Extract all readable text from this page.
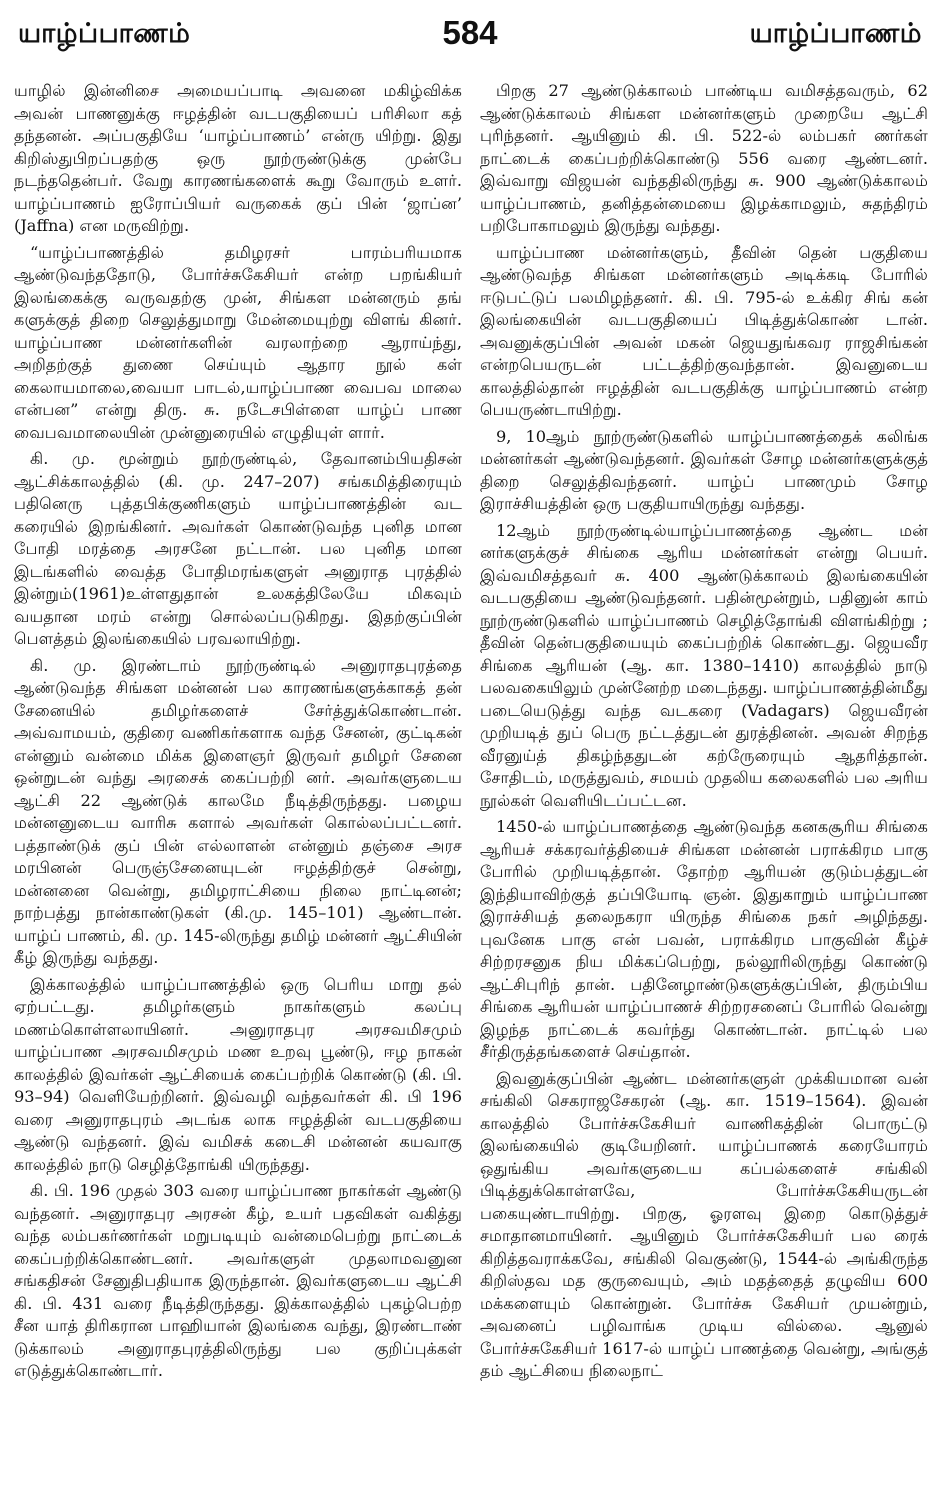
யாழ்ப்பாணம்	584	யாழ்ப்பாணம்

யாழில் இன்னிசை அமையப்பாடி அவனை மகிழ்விக்க அவன் பாணனுக்கு ஈழத்தின் வடபகுதியைப் பரிசிலா கத் தந்தனன். அப்பகுதியே ‘யாழ்ப்பாணம்’ என்ரு யிற்று. இது கிறிஸ்துபிறப்பதற்கு ஒரு நூற்ருண்டுக்கு முன்பே நடந்ததென்பர். வேறு காரணங்களைக் கூறு வோரும் உளர். யாழ்ப்பாணம் ஐரோப்பியர் வருகைக் குப் பின் ‘ஜாப்ன’ (Jaffna) என மருவிற்று.

“யாழ்ப்பாணத்தில் தமிழரசர் பாரம்பரியமாக ஆண்டுவந்ததோடு, போர்ச்சுகேசியர் என்ற பறங்கியர் இலங்கைக்கு வருவதற்கு முன், சிங்கள மன்னரும் தங் களுக்குத் திறை செலுத்துமாறு மேன்மையுற்று விளங் கினர். யாழ்ப்பாண மன்னர்களின் வரலாற்றை ஆராய்ந்து, அறிதற்குத் துணை செய்யும் ஆதார நூல் கள் கைலாயமாலை,வையா பாடல்,யாழ்ப்பாண வைபவ மாலை என்பன” என்று திரு. சு. நடேசபிள்ளை யாழ்ப் பாண வைபவமாலையின் முன்னுரையில் எழுதியுள் ளார்.

கி. மு. மூன்றும் நூற்ருண்டில், தேவானம்பியதிசன் ஆட்சிக்காலத்தில் (கி. மு. 247–207) சங்கமித்திரையும் பதினெரு புத்தபிக்குணிகளும் யாழ்ப்பாணத்தின் வட கரையில் இறங்கினர். அவர்கள் கொண்டுவந்த புனித மான போதி மரத்தை அரசனே நட்டான். பல புனித மான இடங்களில் வைத்த போதிமரங்களுள் அனுராத புரத்தில் இன்றும்(1961)உள்ளதுதான் உலகத்திலேயே மிகவும் வயதான மரம் என்று சொல்லப்படுகிறது. இதற்குப்பின் பௌத்தம் இலங்கையில் பரவலாயிற்று.

கி. மு. இரண்டாம் நூற்ருண்டில் அனுராதபுரத்தை ஆண்டுவந்த சிங்கள மன்னன் பல காரணங்களுக்காகத் தன் சேனையில் தமிழர்களைச் சேர்த்துக்கொண்டான். அவ்வாமயம், குதிரை வணிகர்களாக வந்த சேனன், குட்டிகன் என்னும் வன்மை மிக்க இளைஞர் இருவர் தமிழர் சேனை ஒன்றுடன் வந்து அரசைக் கைப்பற்றி னர். அவர்களுடைய ஆட்சி 22 ஆண்டுக் காலமே நீடித்திருந்தது. பழைய மன்னனுடைய வாரிசு களால் அவர்கள் கொல்லப்பட்டனர். பத்தாண்டுக் குப் பின் எல்லாளன் என்னும் தஞ்சை அரச மரபினன் பெருஞ்சேனையுடன் ஈழத்திற்குச் சென்று, மன்னனை வென்று, தமிழராட்சியை நிலை நாட்டினன்; நாற்பத்து நான்காண்டுகள் (கி.மு. 145–101) ஆண்டான். யாழ்ப் பாணம், கி. மு. 145-லிருந்து தமிழ் மன்னர் ஆட்சியின் கீழ் இருந்து வந்தது.

இக்காலத்தில் யாழ்ப்பாணத்தில் ஒரு பெரிய மாறு தல் ஏற்பட்டது. தமிழர்களும் நாகர்களும் கலப்பு மணம்கொள்ளலாயினர். அனுராதபுர அரசவமிசமும் யாழ்ப்பாண அரசவமிசமும் மண உறவு பூண்டு, ஈழ நாகன் காலத்தில் இவர்கள் ஆட்சியைக் கைப்பற்றிக் கொண்டு (கி. பி. 93–94) வெளியேற்றினர். இவ்வழி வந்தவர்கள் கி. பி 196 வரை அனுராதபுரம் அடங்க லாக ஈழத்தின் வடபகுதியை ஆண்டு வந்தனர். இவ் வமிசக் கடைசி மன்னன் கயவாகு காலத்தில் நாடு செழித்தோங்கி யிருந்தது.

கி. பி. 196 முதல் 303 வரை யாழ்ப்பாண நாகர்கள் ஆண்டு வந்தனர். அனுராதபுர அரசன் கீழ், உயர் பதவிகள் வகித்து வந்த லம்பகர்ணர்கள் மறுபடியும் வன்மைபெற்று நாட்டைக் கைப்பற்றிக்கொண்டனர். அவர்களுள் முதலாமவனுன சங்கதிசன் சேனுதிபதியாக இருந்தான். இவர்களுடைய ஆட்சி கி. பி. 431 வரை நீடித்திருந்தது. இக்காலத்தில் புகழ்பெற்ற சீன யாத் திரிகரான பாஹியான் இலங்கை வந்து, இரண்டாண் டுக்காலம் அனுராதபுரத்திலிருந்து பல குறிப்புக்கள் எடுத்துக்கொண்டார்.

பிறகு 27 ஆண்டுக்காலம் பாண்டிய வமிசத்தவரும், 62 ஆண்டுக்காலம் சிங்கள மன்னர்களும் முறையே ஆட்சி புரிந்தனர். ஆயினும் கி. பி. 522-ல் லம்பகர் ணர்கள் நாட்டைக் கைப்பற்றிக்கொண்டு 556 வரை ஆண்டனர். இவ்வாறு விஜயன் வந்ததிலிருந்து சு. 900 ஆண்டுக்காலம் யாழ்ப்பாணம், தனித்தன்மையை இழக்காமலும், சுதந்திரம் பறிபோகாமலும் இருந்து வந்தது.

யாழ்ப்பாண மன்னர்களும், தீவின் தென் பகுதியை ஆண்டுவந்த சிங்கள மன்னர்களும் அடிக்கடி போரில் ஈடுபட்டுப் பலமிழந்தனர். கி. பி. 795-ல் உக்கிர சிங் கன் இலங்கையின் வடபகுதியைப் பிடித்துக்கொண் டான். அவனுக்குப்பின் அவன் மகன் ஜெயதுங்கவர ராஜசிங்கன் என்றபெயருடன் பட்டத்திற்குவந்தான். இவனுடைய காலத்தில்தான் ஈழத்தின் வடபகுதிக்கு யாழ்ப்பாணம் என்ற பெயருண்டாயிற்று.

9, 10ஆம் நூற்ருண்டுகளில் யாழ்ப்பாணத்தைக் கலிங்க மன்னர்கள் ஆண்டுவந்தனர். இவர்கள் சோழ மன்னர்களுக்குத் திறை செலுத்திவந்தனர். யாழ்ப் பாணமும் சோழ இராச்சியத்தின் ஒரு பகுதியாயிருந்து வந்தது.

12ஆம் நூற்ருண்டில்யாழ்ப்பாணத்தை ஆண்ட மன் னர்களுக்குச் சிங்கை ஆரிய மன்னர்கள் என்று பெயர். இவ்வமிசத்தவர் சு. 400 ஆண்டுக்காலம் இலங்கையின் வடபகுதியை ஆண்டுவந்தனர். பதின்மூன்றும், பதினுன் காம் நூற்ருண்டுகளில் யாழ்ப்பாணம் செழித்தோங்கி விளங்கிற்று ; தீவின் தென்பகுதியையும் கைப்பற்றிக் கொண்டது. ஜெயவீர சிங்கை ஆரியன் (ஆ. கா. 1380–1410) காலத்தில் நாடு பலவகையிலும் முன்னேற்ற மடைந்தது. யாழ்ப்பாணத்தின்மீது படையெடுத்து வந்த வடகரை (Vadagars) ஜெயவீரன் முறியடித் துப் பெரு நட்டத்துடன் துரத்தினன். அவன் சிறந்த வீரனுய்த் திகழ்ந்ததுடன் கற்ருேரையும் ஆதரித்தான். சோதிடம், மருத்துவம், சமயம் முதலிய கலைகளில் பல அரிய நூல்கள் வெளியிடப்பட்டன.

1450-ல் யாழ்ப்பாணத்தை ஆண்டுவந்த கனகசூரிய சிங்கை ஆரியச் சக்கரவர்த்தியைச் சிங்கள மன்னன் பராக்கிரம பாகு போரில் முறியடித்தான். தோற்ற ஆரியன் குடும்பத்துடன் இந்தியாவிற்குத் தப்பியோடி ஞன். இதுகாறும் யாழ்ப்பாண இராச்சியத் தலைநகரா யிருந்த சிங்கை நகர் அழிந்தது. புவனேக பாகு என் பவன், பராக்கிரம பாகுவின் கீழ்ச் சிற்றரசனுக நிய மிக்கப்பெற்று, நல்லூரிலிருந்து கொண்டு ஆட்சிபுரிந் தான். பதினேழாண்டுகளுக்குப்பின், திரும்பிய சிங்கை ஆரியன் யாழ்ப்பாணச் சிற்றரசனைப் போரில் வென்று இழந்த நாட்டைக் கவர்ந்து கொண்டான். நாட்டில் பல சீர்திருத்தங்களைச் செய்தான்.

இவனுக்குப்பின் ஆண்ட மன்னர்களுள் முக்கியமான வன் சங்கிலி செகராஜசேகரன் (ஆ. கா. 1519–1564). இவன் காலத்தில் போர்ச்சுகேசியர் வாணிகத்தின் பொருட்டு இலங்கையில் குடியேறினர். யாழ்ப்பாணக் கரையோரம் ஒதுங்கிய அவர்களுடைய கப்பல்களைச் சங்கிலி பிடித்துக்கொள்ளவே, போர்ச்சுகேசியருடன் பகையுண்டாயிற்று. பிறகு, ஓரளவு இறை கொடுத்துச் சமாதானமாயினர். ஆயினும் போர்ச்சுகேசியர் பல ரைக் கிறித்தவராக்கவே, சங்கிலி வெகுண்டு, 1544-ல் அங்கிருந்த கிறிஸ்தவ மத குருவையும், அம் மதத்தைத் தழுவிய 600 மக்களையும் கொன்றுன். போர்ச்சு கேசியர் முயன்றும், அவனைப் பழிவாங்க முடிய வில்லை. ஆனுல் போர்ச்சுகேசியர் 1617-ல் யாழ்ப் பாணத்தை வென்று, அங்குத் தம் ஆட்சியை நிலைநாட்
